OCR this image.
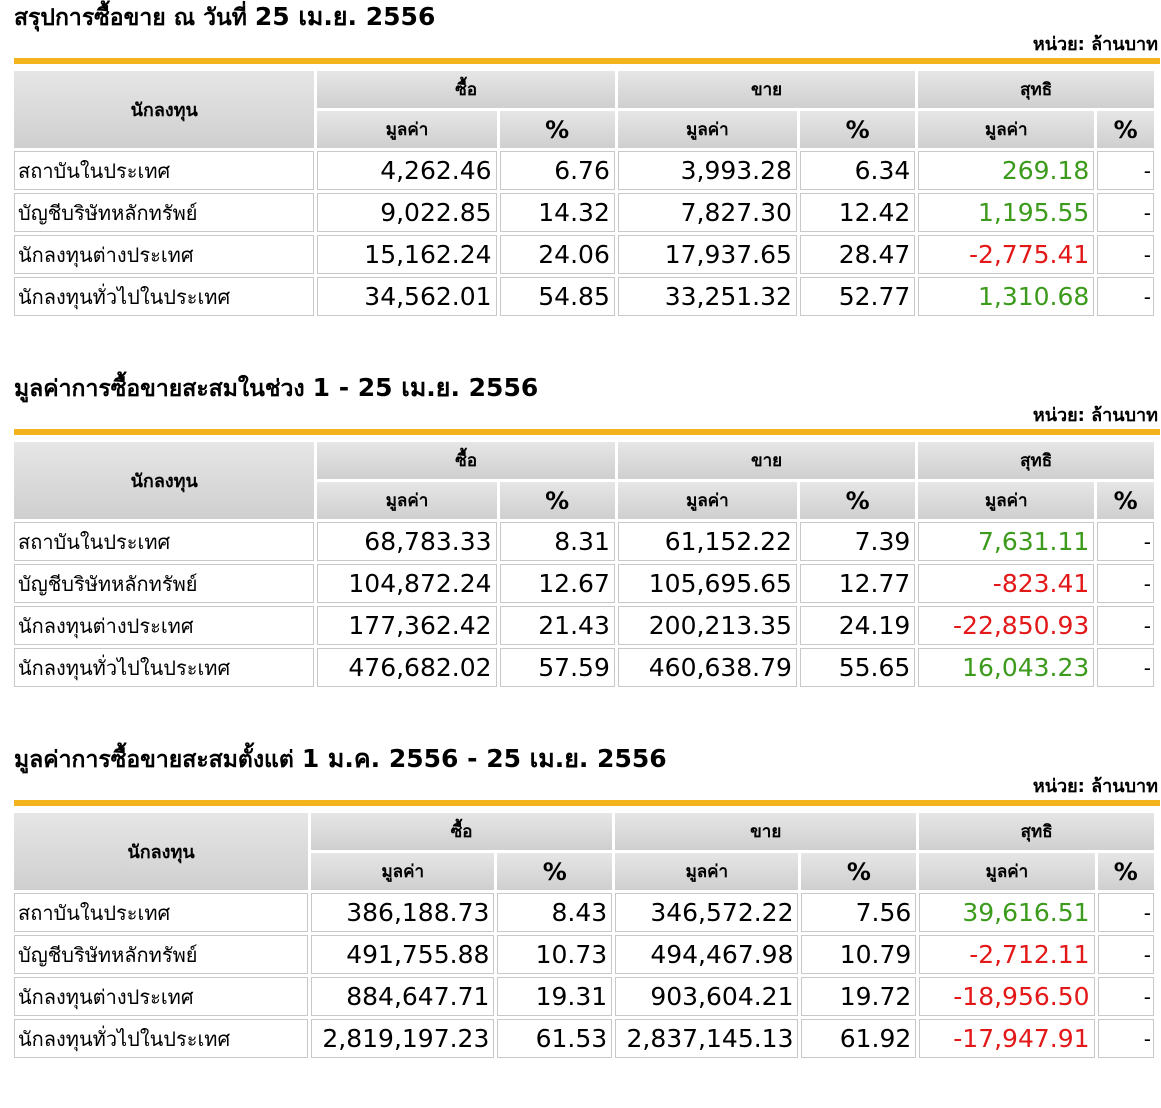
สรุปการซื้อขาย ณ วันที่ 25 เม.ย. 2556
หน่วย: ล้านบาท
นักลงทุน	ซื้อ		ขาย		สุทธิ	
	มูลค่า	%	มูลค่า	%	มูลค่า	%
สถาบันในประเทศ	4,262.46	6.76	3,993.28	6.34	269.18	-
บัญชีบริษัทหลักทรัพย์	9,022.85	14.32	7,827.30	12.42	1,195.55	-
นักลงทุนต่างประเทศ	15,162.24	24.06	17,937.65	28.47	-2,775.41	-
นักลงทุนทั่วไปในประเทศ	34,562.01	54.85	33,251.32	52.77	1,310.68	-
มูลค่าการซื้อขายสะสมในช่วง 1 - 25 เม.ย. 2556
หน่วย: ล้านบาท
นักลงทุน	ซื้อ		ขาย		สุทธิ	
	มูลค่า	%	มูลค่า	%	มูลค่า	%
สถาบันในประเทศ	68,783.33	8.31	61,152.22	7.39	7,631.11	-
บัญชีบริษัทหลักทรัพย์	104,872.24	12.67	105,695.65	12.77	-823.41	-
นักลงทุนต่างประเทศ	177,362.42	21.43	200,213.35	24.19	-22,850.93	-
นักลงทุนทั่วไปในประเทศ	476,682.02	57.59	460,638.79	55.65	16,043.23	-
มูลค่าการซื้อขายสะสมตั้งแต่ 1 ม.ค. 2556 - 25 เม.ย. 2556
หน่วย: ล้านบาท
นักลงทุน	ซื้อ		ขาย		สุทธิ	
	มูลค่า	%	มูลค่า	%	มูลค่า	%
สถาบันในประเทศ	386,188.73	8.43	346,572.22	7.56	39,616.51	-
บัญชีบริษัทหลักทรัพย์	491,755.88	10.73	494,467.98	10.79	-2,712.11	-
นักลงทุนต่างประเทศ	884,647.71	19.31	903,604.21	19.72	-18,956.50	-
นักลงทุนทั่วไปในประเทศ	2,819,197.23	61.53	2,837,145.13	61.92	-17,947.91	-
